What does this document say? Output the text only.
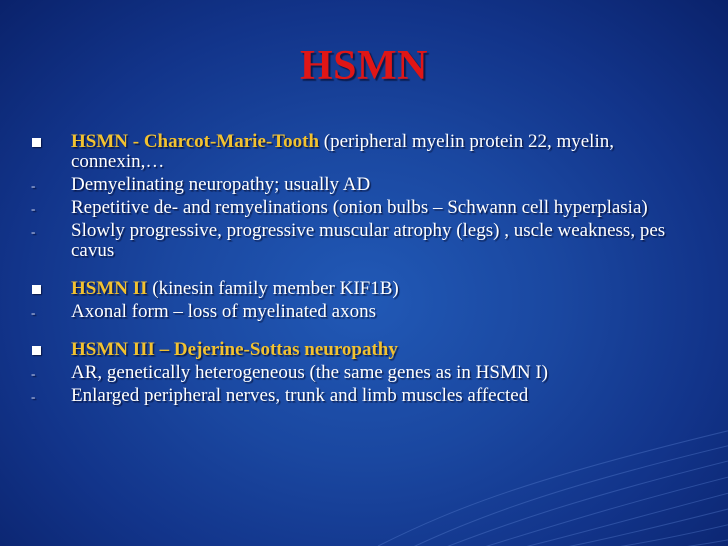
HSMN
HSMN - Charcot-Marie-Tooth (peripheral myelin protein 22, myelin, connexin,…
-	Demyelinating neuropathy; usually AD
-	Repetitive de- and remyelinations (onion bulbs – Schwann cell hyperplasia)
-	Slowly progressive, progressive muscular atrophy (legs) , uscle weakness, pes cavus
HSMN II (kinesin family member KIF1B)
-	Axonal form – loss of myelinated axons
HSMN III – Dejerine-Sottas neuropathy
-	AR, genetically heterogeneous (the same genes as in HSMN I)
-	Enlarged peripheral nerves, trunk and limb muscles affected
